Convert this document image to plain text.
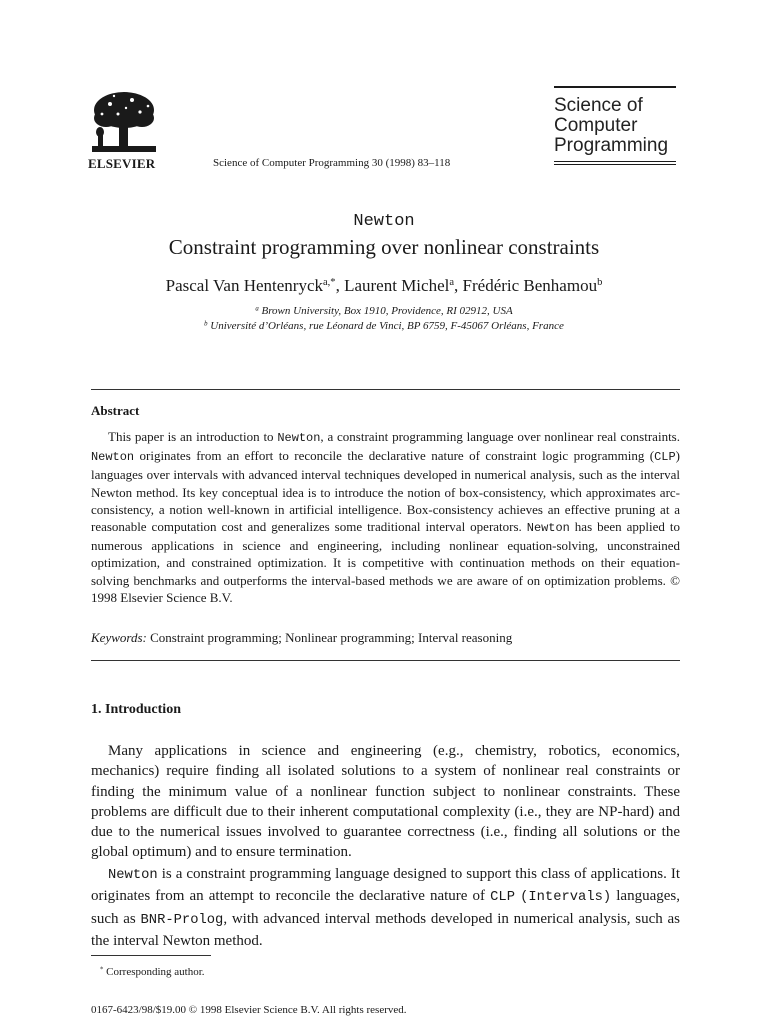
ELSEVIER	Science of Computer Programming 30 (1998) 83–118
Science of
Computer
Programming
Newton
Constraint programming over nonlinear constraints
Pascal Van Hentenryck$^{a,*}$, Laurent Michel$^a$, Frédéric Benhamou$^b$
$^a$ Brown University, Box 1910, Providence, RI 02912, USA
$^b$ Université d’Orléans, rue Léonard de Vinci, BP 6759, F-45067 Orléans, France
Abstract
This paper is an introduction to Newton, a constraint programming language over nonlinear real constraints. Newton originates from an effort to reconcile the declarative nature of constraint logic programming (CLP) languages over intervals with advanced interval techniques developed in numerical analysis, such as the interval Newton method. Its key conceptual idea is to introduce the notion of box-consistency, which approximates arc-consistency, a notion well-known in artificial intelligence. Box-consistency achieves an effective pruning at a reasonable computation cost and generalizes some traditional interval operators. Newton has been applied to numerous applications in science and engineering, including nonlinear equation-solving, unconstrained optimization, and constrained optimization. It is competitive with continuation methods on their equation-solving benchmarks and outperforms the interval-based methods we are aware of on optimization problems. © 1998 Elsevier Science B.V.
Keywords: Constraint programming; Nonlinear programming; Interval reasoning
1. Introduction
Many applications in science and engineering (e.g., chemistry, robotics, economics, mechanics) require finding all isolated solutions to a system of nonlinear real constraints or finding the minimum value of a nonlinear function subject to nonlinear constraints. These problems are difficult due to their inherent computational complexity (i.e., they are NP-hard) and due to the numerical issues involved to guarantee correctness (i.e., finding all solutions or the global optimum) and to ensure termination.
Newton is a constraint programming language designed to support this class of applications. It originates from an attempt to reconcile the declarative nature of CLP (Intervals) languages, such as BNR-Prolog, with advanced interval methods developed in numerical analysis, such as the interval Newton method.
* Corresponding author.
0167-6423/98/$19.00 © 1998 Elsevier Science B.V. All rights reserved.
